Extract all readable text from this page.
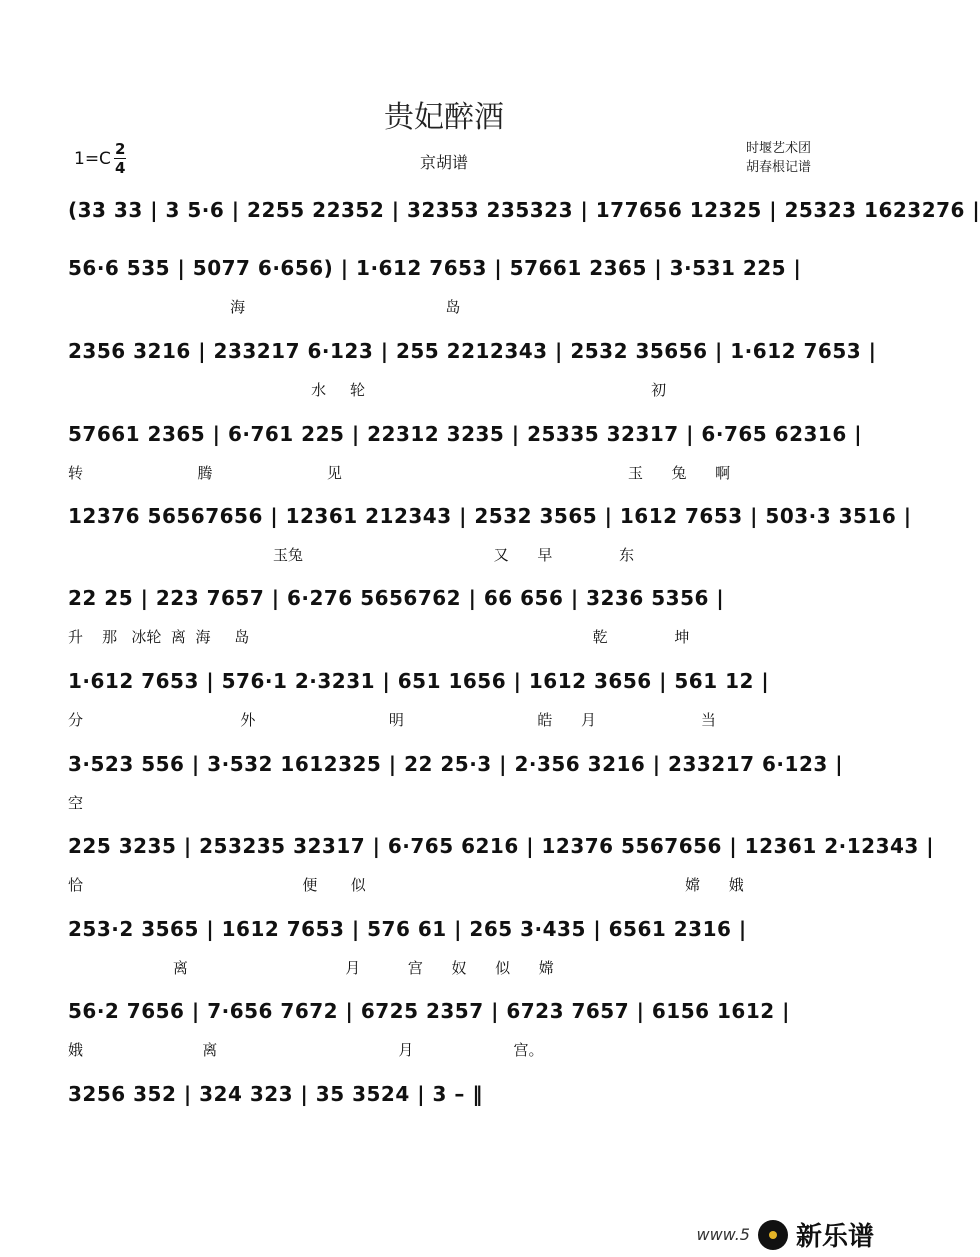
贵妃醉酒
$1=C \frac{2}{4}$	京胡谱
时堰艺术团
胡春根记谱
(33 33 | 3 5·6 | 2255 22352 | 32353 235323 | 177656 12325 | 25323 1623276 |
56·6 535 | 5077 6·656) | 1·612 7653 | 57661 2365 | 3·531 225 |
海                                          岛
2356 3216 | 233217 6·123 | 255 2212343 | 2532 35656 | 1·612 7653 |
水     轮                                                            初
57661 2365 | 6·761 225 | 22312 3235 | 25335 32317 | 6·765 62316 |
转                        腾                        见                                                            玉      兔      啊
12376 56567656 | 12361 212343 | 2532 3565 | 1612 7653 | 503·3 3516 |
玉兔                                        又      早              东
22 25 | 223 7657 | 6·276 5656762 | 66 656 | 3236 5356 |
升    那   冰轮  离  海     岛                                                                        乾              坤
1·612 7653 | 576·1 2·3231 | 651 1656 | 1612 3656 | 561 12 |
分                                 外                            明                            皓      月                      当
3·523 556 | 3·532 1612325 | 22 25·3 | 2·356 3216 | 233217 6·123 |
空
225 3235 | 253235 32317 | 6·765 6216 | 12376 5567656 | 12361 2·12343 |
恰                                              便       似                                                                   嫦      娥
253·2 3565 | 1612 7653 | 576 61 | 265 3·435 | 6561 2316 |
离                                 月          宫      奴      似      嫦
56·2 7656 | 7·656 7672 | 6725 2357 | 6723 7657 | 6156 1612 |
娥                         离                                      月                     宫。
3256 352 | 324 323 | 35 3524 | 3 – ‖
www.5 新乐谱
